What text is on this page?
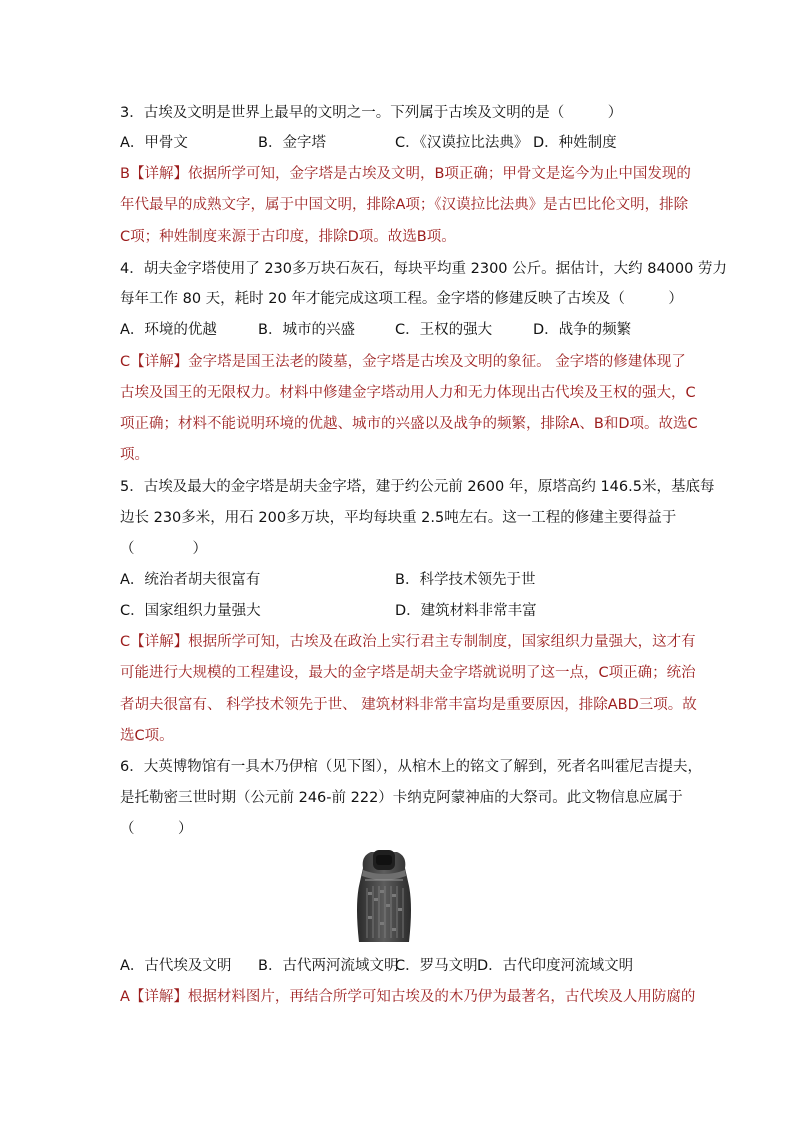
3．古埃及文明是世界上最早的文明之一。下列属于古埃及文明的是（　　　）
A．甲骨文	B．金字塔	C．《汉谟拉比法典》 D．种姓制度
B【详解】依据所学可知，金字塔是古埃及文明，B项正确；甲骨文是迄今为止中国发现的
年代最早的成熟文字，属于中国文明，排除A项；《汉谟拉比法典》是古巴比伦文明，排除
C项；种姓制度来源于古印度，排除D项。故选B项。
4．胡夫金字塔使用了 230多万块石灰石，每块平均重 2300 公斤。据估计，大约 84000 劳力
每年工作 80 天，耗时 20 年才能完成这项工程。金字塔的修建反映了古埃及（　　　）
A．环境的优越	B．城市的兴盛	C．王权的强大	D．战争的频繁
C【详解】金字塔是国王法老的陵墓，金字塔是古埃及文明的象征。 金字塔的修建体现了
古埃及国王的无限权力。材料中修建金字塔动用人力和无力体现出古代埃及王权的强大，C
项正确；材料不能说明环境的优越、城市的兴盛以及战争的频繁，排除A、B和D项。故选C
项。
5．古埃及最大的金字塔是胡夫金字塔，建于约公元前 2600 年，原塔高约 146.5米，基底每
边长 230多米，用石 200多万块，平均每块重 2.5吨左右。这一工程的修建主要得益于
（　　　　）
A．统治者胡夫很富有	B．科学技术领先于世
C．国家组织力量强大	D．建筑材料非常丰富
C【详解】根据所学可知，古埃及在政治上实行君主专制制度，国家组织力量强大，这才有
可能进行大规模的工程建设，最大的金字塔是胡夫金字塔就说明了这一点，C项正确；统治
者胡夫很富有、 科学技术领先于世、 建筑材料非常丰富均是重要原因，排除ABD三项。故
选C项。
6．大英博物馆有一具木乃伊棺（见下图），从棺木上的铭文了解到，死者名叫霍尼吉提夫，
是托勒密三世时期（公元前 246-前 222）卡纳克阿蒙神庙的大祭司。此文物信息应属于
（　　　）
A．古代埃及文明 B．古代两河流域文明
C．罗马文明 D．古代印度河流域文明
A【详解】根据材料图片，再结合所学可知古埃及的木乃伊为最著名，古代埃及人用防腐的
